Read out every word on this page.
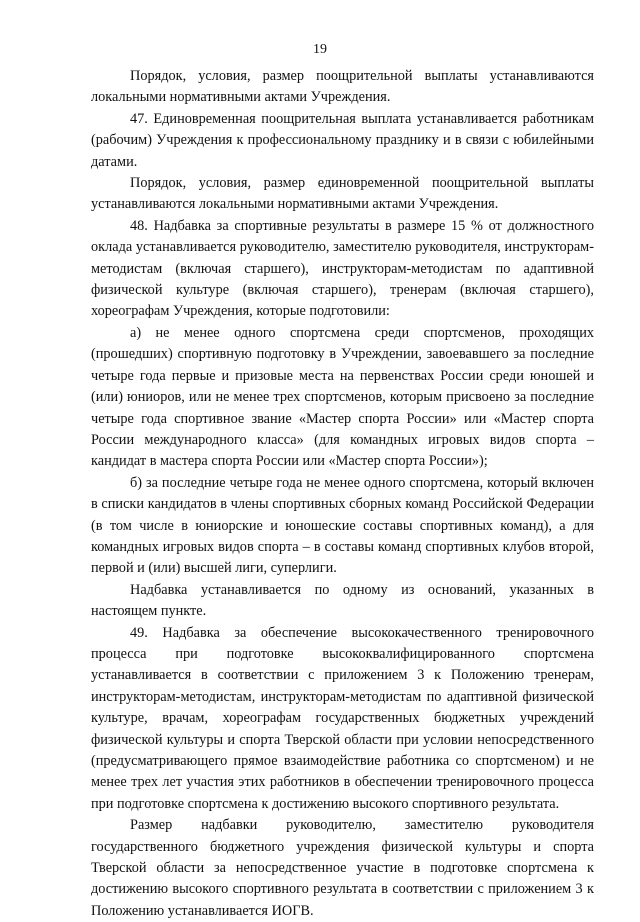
19

Порядок, условия, размер поощрительной выплаты устанавливаются локальными нормативными актами Учреждения.

47. Единовременная поощрительная выплата устанавливается работникам (рабочим) Учреждения к профессиональному празднику и в связи с юбилейными датами.

Порядок, условия, размер единовременной поощрительной выплаты устанавливаются локальными нормативными актами Учреждения.

48. Надбавка за спортивные результаты в размере 15 % от должностного оклада устанавливается руководителю, заместителю руководителя, инструкторам-методистам (включая старшего), инструкторам-методистам по адаптивной физической культуре (включая старшего), тренерам (включая старшего), хореографам Учреждения, которые подготовили:

а) не менее одного спортсмена среди спортсменов, проходящих (прошедших) спортивную подготовку в Учреждении, завоевавшего за последние четыре года первые и призовые места на первенствах России среди юношей и (или) юниоров, или не менее трех спортсменов, которым присвоено за последние четыре года спортивное звание «Мастер спорта России» или «Мастер спорта России международного класса» (для командных игровых видов спорта – кандидат в мастера спорта России или «Мастер спорта России»);

б) за последние четыре года не менее одного спортсмена, который включен в списки кандидатов в члены спортивных сборных команд Российской Федерации (в том числе в юниорские и юношеские составы спортивных команд), а для командных игровых видов спорта – в составы команд спортивных клубов второй, первой и (или) высшей лиги, суперлиги.

Надбавка устанавливается по одному из оснований, указанных в настоящем пункте.

49. Надбавка за обеспечение высококачественного тренировочного процесса при подготовке высококвалифицированного спортсмена устанавливается в соответствии с приложением 3 к Положению тренерам, инструкторам-методистам, инструкторам-методистам по адаптивной физической культуре, врачам, хореографам государственных бюджетных учреждений физической культуры и спорта Тверской области при условии непосредственного (предусматривающего прямое взаимодействие работника со спортсменом) и не менее трех лет участия этих работников в обеспечении тренировочного процесса при подготовке спортсмена к достижению высокого спортивного результата.

Размер надбавки руководителю, заместителю руководителя государственного бюджетного учреждения физической культуры и спорта Тверской области за непосредственное участие в подготовке спортсмена к достижению высокого спортивного результата в соответствии с приложением 3 к Положению устанавливается ИОГВ.
